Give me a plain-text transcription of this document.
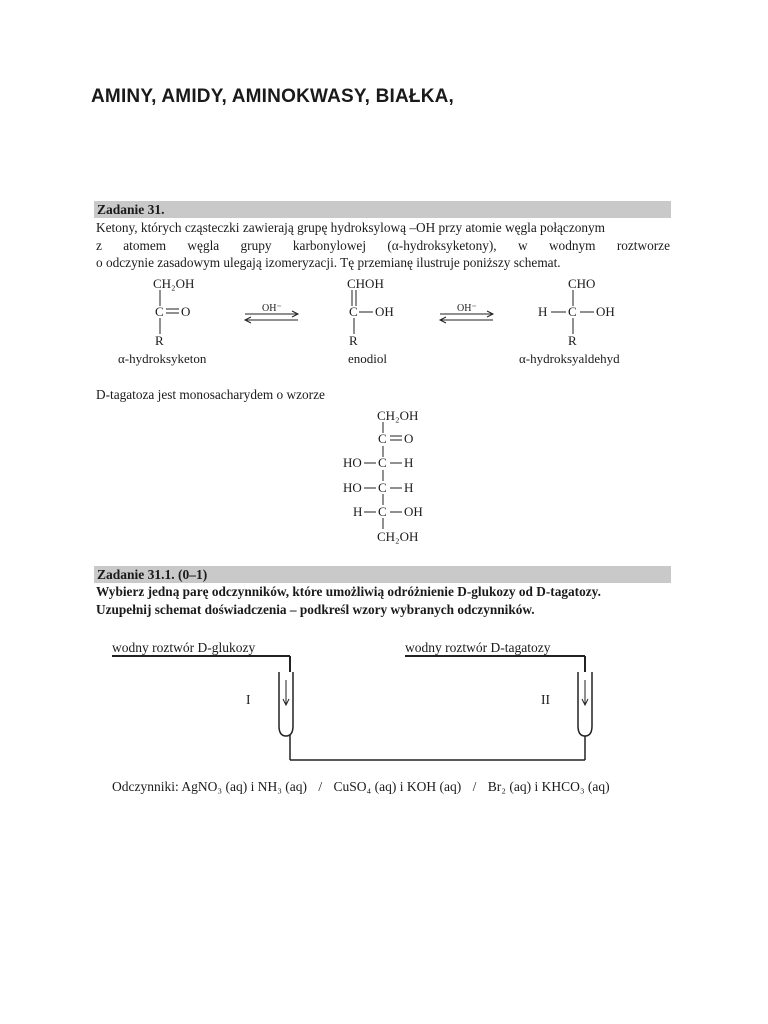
AMINY, AMIDY, AMINOKWASY, BIAŁKA,
Zadanie 31.
Ketony, których cząsteczki zawierają grupę hydroksylową –OH przy atomie węgla połączonym
z atomem węgla grupy karbonylowej (α-hydroksyketony), w wodnym roztworze
o odczynie zasadowym ulegają izomeryzacji. Tę przemianę ilustruje poniższy schemat.
CH₂OH
C O
R
α-hydroksyketon
OH⁻
CHOH
C OH
R
enodiol
OH⁻
CHO
H C OH
R
α-hydroksyaldehyd
D-tagatoza jest monosacharydem o wzorze
CH₂OH
C O
HO C H
HO C H
H C OH
CH₂OH
Zadanie 31.1. (0–1)
Wybierz jedną parę odczynników, które umożliwią odróżnienie D-glukozy od D-tagatozy.
Uzupełnij schemat doświadczenia – podkreśl wzory wybranych odczynników.
wodny roztwór D-glukozy	wodny roztwór D-tagatozy
I	II
Odczynniki: AgNO₃ (aq) i NH₃ (aq) / CuSO₄ (aq) i KOH (aq) / Br₂ (aq) i KHCO₃ (aq)
